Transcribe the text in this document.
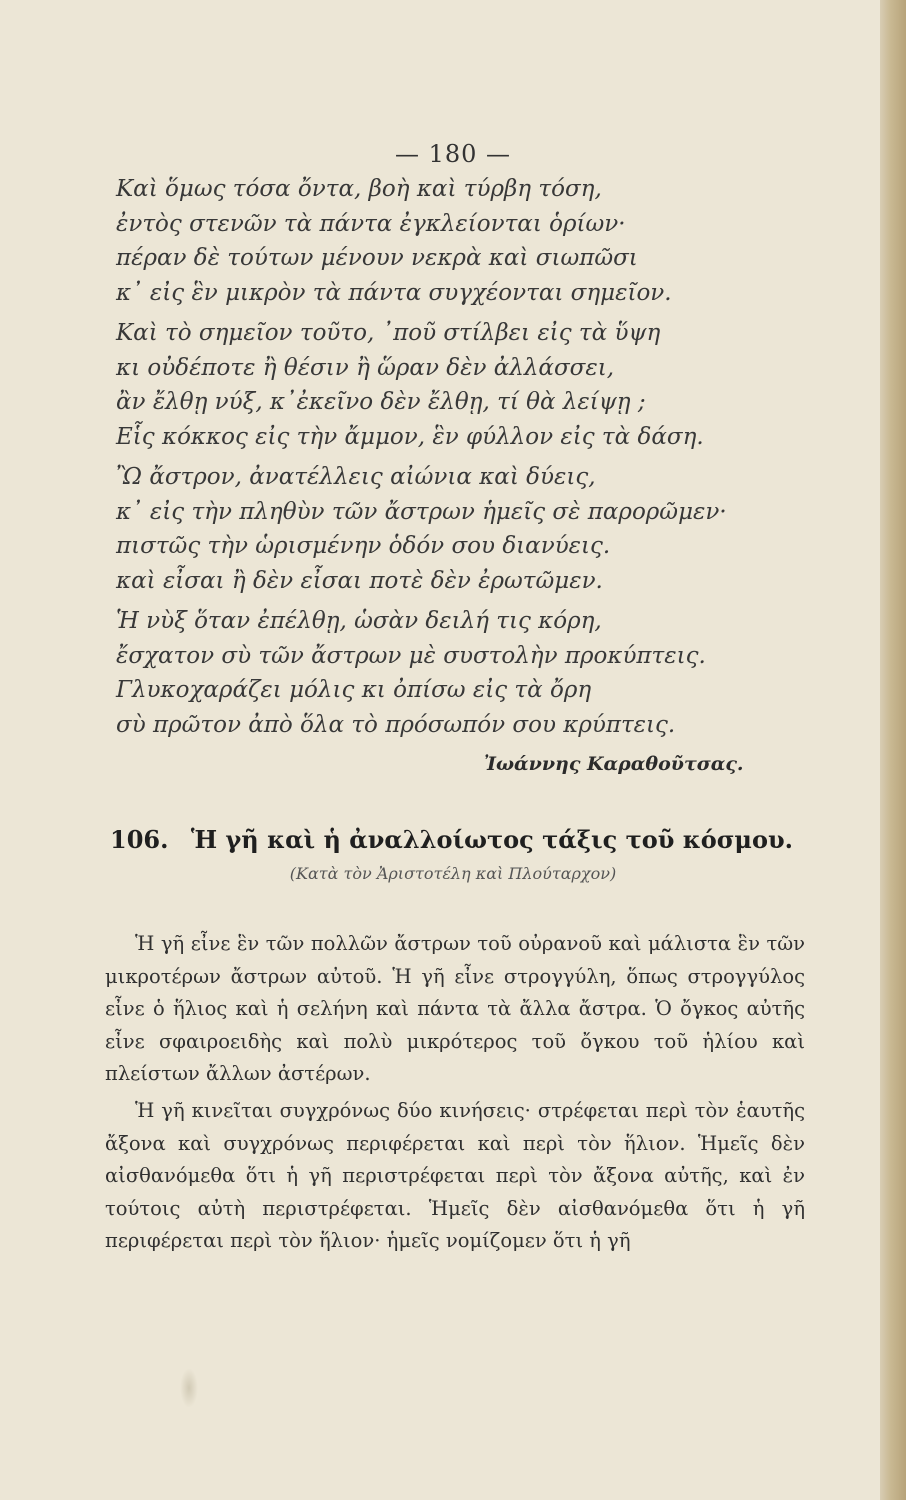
— 180 —
Καὶ ὅμως τόσα ὄντα, βοὴ καὶ τύρβη τόση,
ἐντὸς στενῶν τὰ πάντα ἐγκλείονται ὁρίων·
πέραν δὲ τούτων μένουν νεκρὰ καὶ σιωπῶσι
κ᾽ εἰς ἓν μικρὸν τὰ πάντα συγχέονται σημεῖον.
Καὶ τὸ σημεῖον τοῦτο, ᾽ποῦ στίλβει εἰς τὰ ὕψη
κι οὐδέποτε ἢ θέσιν ἢ ὥραν δὲν ἀλλάσσει,
ἂν ἔλθῃ νύξ, κ᾽ἐκεῖνο δὲν ἔλθῃ, τί θὰ λείψῃ ;
Εἷς κόκκος εἰς τὴν ἄμμον, ἓν φύλλον εἰς τὰ δάση.
Ὢ ἄστρον, ἀνατέλλεις αἰώνια καὶ δύεις,
κ᾽ εἰς τὴν πληθὺν τῶν ἄστρων ἡμεῖς σὲ παρορῶμεν·
πιστῶς τὴν ὡρισμένην ὁδόν σου διανύεις.
καὶ εἶσαι ἢ δὲν εἶσαι ποτὲ δὲν ἐρωτῶμεν.
Ἡ νὺξ ὅταν ἐπέλθῃ, ὡσὰν δειλή τις κόρη,
ἔσχατον σὺ τῶν ἄστρων μὲ συστολὴν προκύπτεις.
Γλυκοχαράζει μόλις κι ὀπίσω εἰς τὰ ὄρη
σὺ πρῶτον ἀπὸ ὅλα τὸ πρόσωπόν σου κρύπτεις.
Ἰωάννης Καραθοῦτσας.
106. Ἡ γῆ καὶ ἡ ἀναλλοίωτος τάξις τοῦ κόσμου.
(Κατὰ τὸν Ἀριστοτέλη καὶ Πλούταρχον)

Ἡ γῆ εἶνε ἓν τῶν πολλῶν ἄστρων τοῦ οὐρανοῦ καὶ μάλιστα ἓν τῶν μικροτέρων ἄστρων αὐτοῦ. Ἡ γῆ εἶνε στρογγύλη, ὅπως στρογγύλος εἶνε ὁ ἥλιος καὶ ἡ σελήνη καὶ πάντα τὰ ἄλλα ἄστρα. Ὁ ὄγκος αὐτῆς εἶνε σφαιροειδὴς καὶ πολὺ μικρότερος τοῦ ὄγκου τοῦ ἡλίου καὶ πλείστων ἄλλων ἀστέρων.

Ἡ γῆ κινεῖται συγχρόνως δύο κινήσεις· στρέφεται περὶ τὸν ἑαυτῆς ἄξονα καὶ συγχρόνως περιφέρεται καὶ περὶ τὸν ἥλιον. Ἡμεῖς δὲν αἰσθανόμεθα ὅτι ἡ γῆ περιστρέφεται περὶ τὸν ἄξονα αὐτῆς, καὶ ἐν τούτοις αὐτὴ περιστρέφεται. Ἡμεῖς δὲν αἰσθανόμεθα ὅτι ἡ γῆ περιφέρεται περὶ τὸν ἥλιον· ἡμεῖς νομίζομεν ὅτι ἡ γῆ
